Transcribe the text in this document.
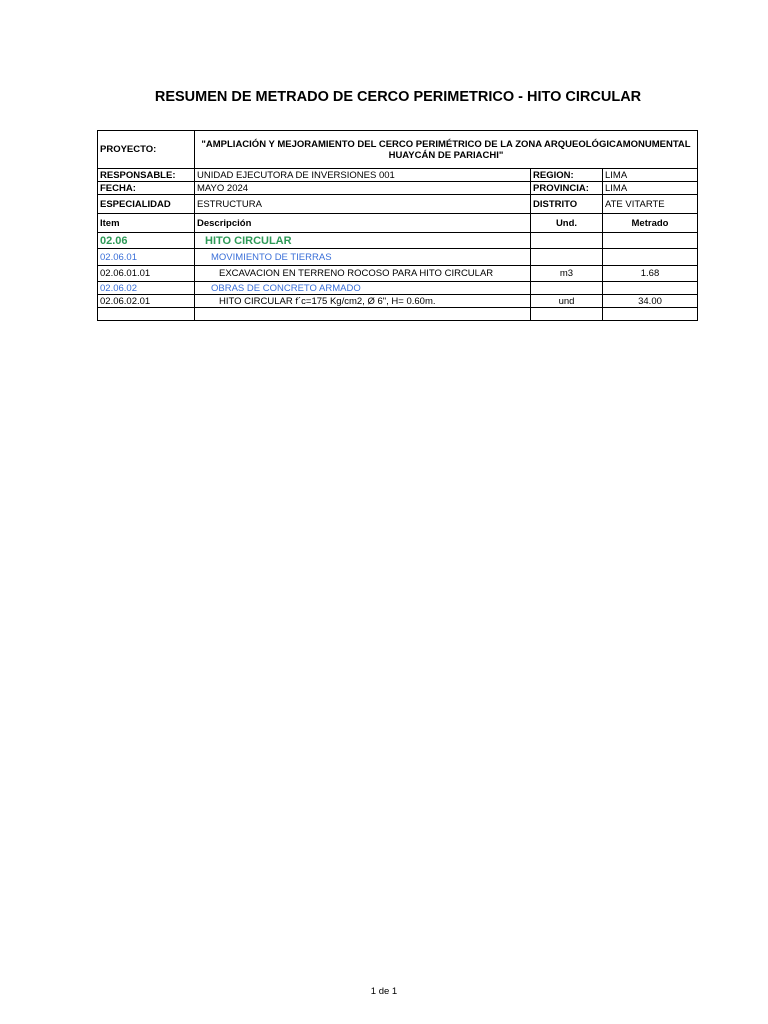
RESUMEN DE METRADO DE CERCO PERIMETRICO - HITO CIRCULAR
PROYECTO:	"AMPLIACIÓN Y MEJORAMIENTO DEL CERCO PERIMÉTRICO DE LA ZONA ARQUEOLÓGICAMONUMENTAL HUAYCÁN DE PARIACHI"		
RESPONSABLE:	UNIDAD EJECUTORA DE INVERSIONES 001	REGION:	LIMA
FECHA:	MAYO 2024	PROVINCIA:	LIMA
ESPECIALIDAD	ESTRUCTURA	DISTRITO	ATE VITARTE
Item	Descripción	Und.	Metrado
02.06	HITO CIRCULAR		
02.06.01	MOVIMIENTO DE TIERRAS		
02.06.01.01	EXCAVACION EN TERRENO ROCOSO PARA HITO CIRCULAR	m3	1.68
02.06.02	OBRAS DE CONCRETO ARMADO		
02.06.02.01	HITO CIRCULAR f´c=175 Kg/cm2, Ø 6", H= 0.60m.	und	34.00

1 de 1
